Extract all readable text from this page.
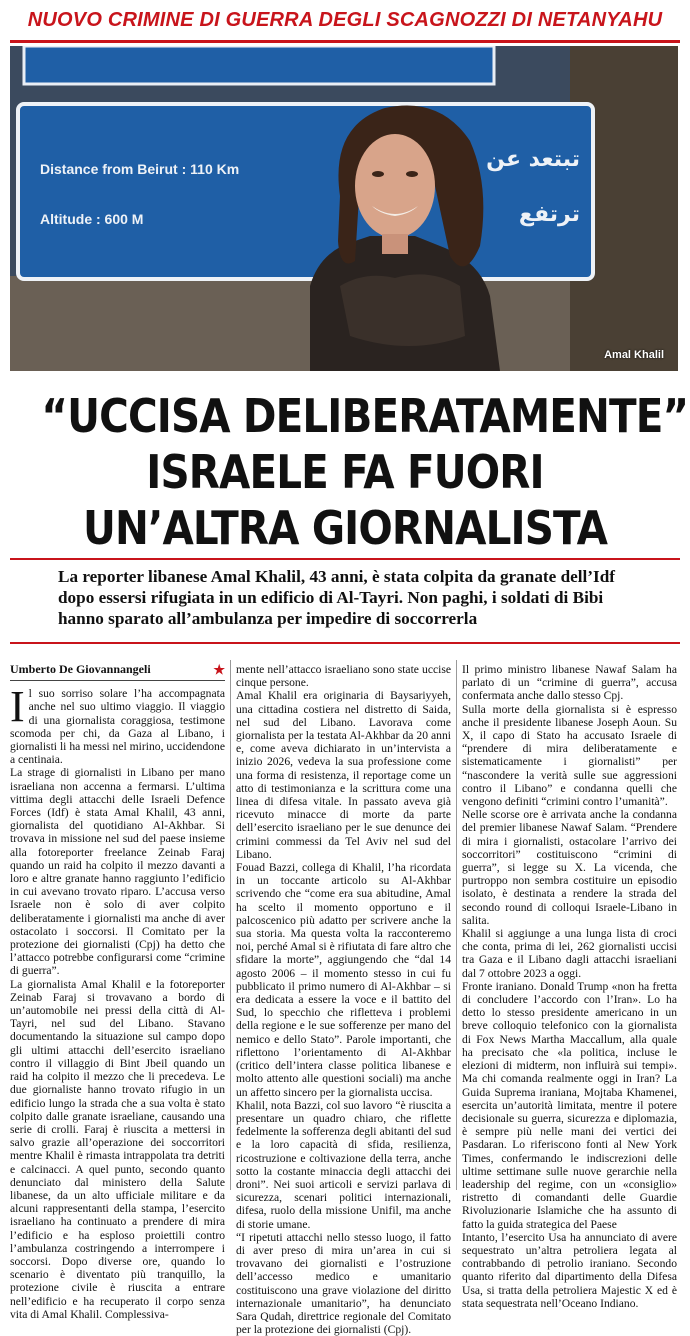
NUOVO CRIMINE DI GUERRA DEGLI SCAGNOZZI DI NETANYAHU
Distance from Beirut : 110 Km
Altitude : 600 M
تبتعد عن
ترتفع
Amal Khalil
“UCCISA DELIBERATAMENTE”
ISRAELE FA FUORI
UN’ALTRA GIORNALISTA
La reporter libanese Amal Khalil, 43 anni, è stata colpita da granate dell’Idf dopo essersi rifugiata in un edificio di Al-Tayri. Non paghi, i soldati di Bibi hanno sparato all’ambulanza per impedire di soccorrerla
Umberto De Giovannangeli	★

Il suo sorriso solare l’ha accompagnata anche nel suo ultimo viaggio. Il viaggio di una giornalista coraggiosa, testimone scomoda per chi, da Gaza al Libano, i giornalisti li ha messi nel mirino, uccidendone a centinaia.

La strage di giornalisti in Libano per mano israeliana non accenna a fermarsi. L’ultima vittima degli attacchi delle Israeli Defence Forces (Idf) è stata Amal Khalil, 43 anni, giornalista del quotidiano Al-Akhbar. Si trovava in missione nel sud del paese insieme alla fotoreporter freelance Zeinab Faraj quando un raid ha colpito il mezzo davanti a loro e altre granate hanno raggiunto l’edificio in cui avevano trovato riparo. L’accusa verso Israele non è solo di aver colpito deliberatamente i giornalisti ma anche di aver ostacolato i soccorsi. Il Comitato per la protezione dei giornalisti (Cpj) ha detto che l’attacco potrebbe configurarsi come “crimine di guerra”.

La giornalista Amal Khalil e la fotoreporter Zeinab Faraj si trovavano a bordo di un’automobile nei pressi della città di Al-Tayri, nel sud del Libano. Stavano documentando la situazione sul campo dopo gli ultimi attacchi dell’esercito israeliano contro il villaggio di Bint Jbeil quando un raid ha colpito il mezzo che li precedeva. Le due giornaliste hanno trovato rifugio in un edificio lungo la strada che a sua volta è stato colpito dalle granate israeliane, causando una serie di crolli. Faraj è riuscita a mettersi in salvo grazie all’operazione dei soccorritori mentre Khalil è rimasta intrappolata tra detriti e calcinacci. A quel punto, secondo quanto denunciato dal ministero della Salute libanese, da un alto ufficiale militare e da alcuni rappresentanti della stampa, l’esercito israeliano ha continuato a prendere di mira l’edificio e ha esploso proiettili contro l’ambulanza costringendo a interrompere i soccorsi. Dopo diverse ore, quando lo scenario è diventato più tranquillo, la protezione civile è riuscita a entrare nell’edificio e ha recuperato il corpo senza vita di Amal Khalil. Complessiva-

mente nell’attacco israeliano sono state uccise cinque persone.

Amal Khalil era originaria di Baysariyyeh, una cittadina costiera nel distretto di Saida, nel sud del Libano. Lavorava come giornalista per la testata Al-Akhbar da 20 anni e, come aveva dichiarato in un’intervista a inizio 2026, vedeva la sua professione come una forma di resistenza, il reportage come un atto di testimonianza e la scrittura come una linea di difesa vitale. In passato aveva già ricevuto minacce di morte da parte dell’esercito israeliano per le sue denunce dei crimini commessi da Tel Aviv nel sud del Libano.

Fouad Bazzi, collega di Khalil, l’ha ricordata in un toccante articolo su Al-Akhbar scrivendo che “come era sua abitudine, Amal ha scelto il momento opportuno e il palcoscenico più adatto per scrivere anche la sua storia. Ma questa volta la racconteremo noi, perché Amal si è rifiutata di fare altro che sfidare la morte”, aggiungendo che “dal 14 agosto 2006 – il momento stesso in cui fu pubblicato il primo numero di Al-Akhbar – si era dedicata a essere la voce e il battito del Sud, lo specchio che rifletteva i problemi della regione e le sue sofferenze per mano del nemico e dello Stato”. Parole importanti, che riflettono l’orientamento di Al-Akhbar (critico dell’intera classe politica libanese e molto attento alle questioni sociali) ma anche un affetto sincero per la giornalista uccisa.

Khalil, nota Bazzi, col suo lavoro “è riuscita a presentare un quadro chiaro, che riflette fedelmente la sofferenza degli abitanti del sud e la loro capacità di sfida, resilienza, ricostruzione e coltivazione della terra, anche sotto la costante minaccia degli attacchi dei droni”. Nei suoi articoli e servizi parlava di sicurezza, scenari politici internazionali, difesa, ruolo della missione Unifil, ma anche di storie umane.

“I ripetuti attacchi nello stesso luogo, il fatto di aver preso di mira un’area in cui si trovavano dei giornalisti e l’ostruzione dell’accesso medico e umanitario costituiscono una grave violazione del diritto internazionale umanitario”, ha denunciato Sara Qudah, direttrice regionale del Comitato per la protezione dei giornalisti (Cpj).

Il primo ministro libanese Nawaf Salam ha parlato di un “crimine di guerra”, accusa confermata anche dallo stesso Cpj.

Sulla morte della giornalista si è espresso anche il presidente libanese Joseph Aoun. Su X, il capo di Stato ha accusato Israele di “prendere di mira deliberatamente e sistematicamente i giornalisti” per “nascondere la verità sulle sue aggressioni contro il Libano” e condanna quelli che vengono definiti “crimini contro l’umanità”.

Nelle scorse ore è arrivata anche la condanna del premier libanese Nawaf Salam. “Prendere di mira i giornalisti, ostacolare l’arrivo dei soccorritori” costituiscono “crimini di guerra”, si legge su X. La vicenda, che purtroppo non sembra costituire un episodio isolato, è destinata a rendere la strada del secondo round di colloqui Israele-Libano in salita.

Khalil si aggiunge a una lunga lista di croci che conta, prima di lei, 262 giornalisti uccisi tra Gaza e il Libano dagli attacchi israeliani dal 7 ottobre 2023 a oggi.

Fronte iraniano. Donald Trump «non ha fretta di concludere l’accordo con l’Iran». Lo ha detto lo stesso presidente americano in un breve colloquio telefonico con la giornalista di Fox News Martha Maccallum, alla quale ha precisato che «la politica, incluse le elezioni di midterm, non influirà sui tempi». Ma chi comanda realmente oggi in Iran? La Guida Suprema iraniana, Mojtaba Khamenei, esercita un’autorità limitata, mentre il potere decisionale su guerra, sicurezza e diplomazia, è sempre più nelle mani dei vertici dei Pasdaran. Lo riferiscono fonti al New York Times, confermando le indiscrezioni delle ultime settimane sulle nuove gerarchie nella leadership del regime, con un «consiglio» ristretto di comandanti delle Guardie Rivoluzionarie Islamiche che ha assunto di fatto la guida strategica del Paese

Intanto, l’esercito Usa ha annunciato di avere sequestrato un’altra petroliera legata al contrabbando di petrolio iraniano. Secondo quanto riferito dal dipartimento della Difesa Usa, si tratta della petroliera Majestic X ed è stata sequestrata nell’Oceano Indiano.
